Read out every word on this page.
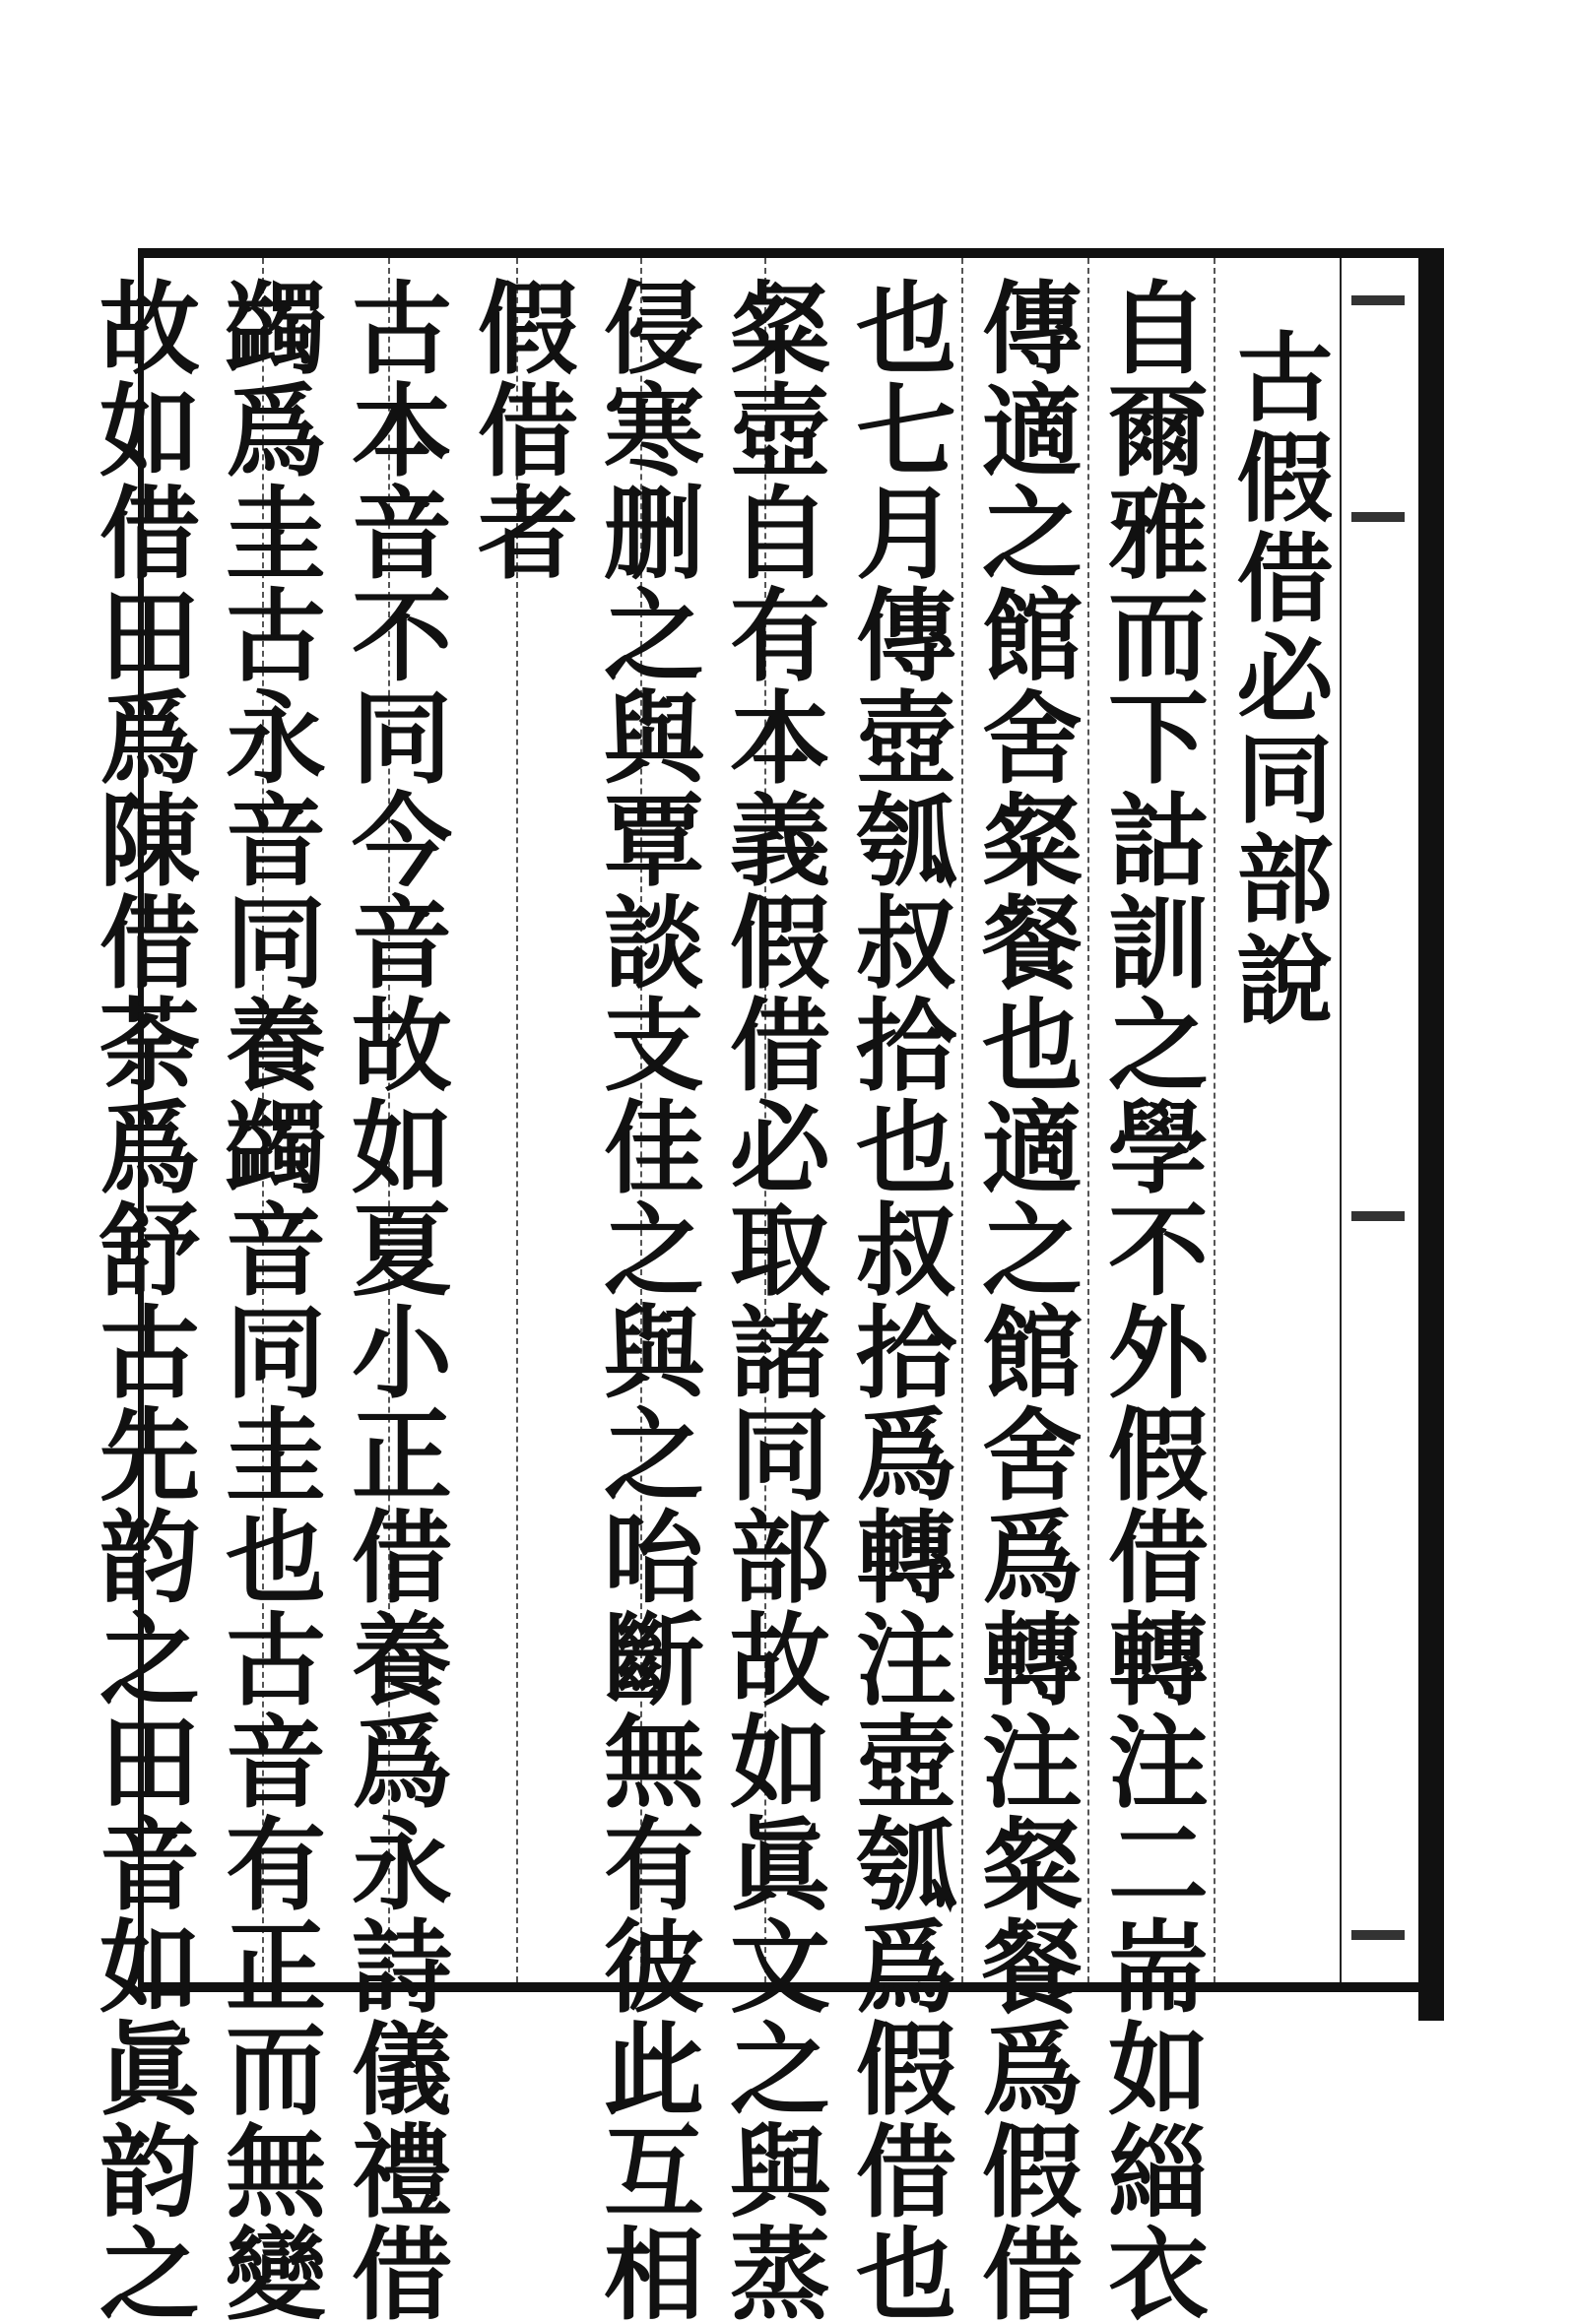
古假借必同部說
自爾雅而下詁訓之學不外假借轉注二耑如緇衣
傳適之館舍粲餐也適之館舍爲轉注粲餐爲假借
也七月傳壺瓠叔拾也叔拾爲轉注壺瓠爲假借也
粲壺自有本義假借必取諸同部故如眞文之與蒸
侵寒删之與覃談支佳之與之咍斷無有彼此互相
假借者
古本音不同今音故如夏小正借養爲永詩儀禮借
蠲爲圭古永音同養蠲音同圭也古音有正而無變
故如借田爲陳借荼爲舒古先韵之田音如眞韵之
